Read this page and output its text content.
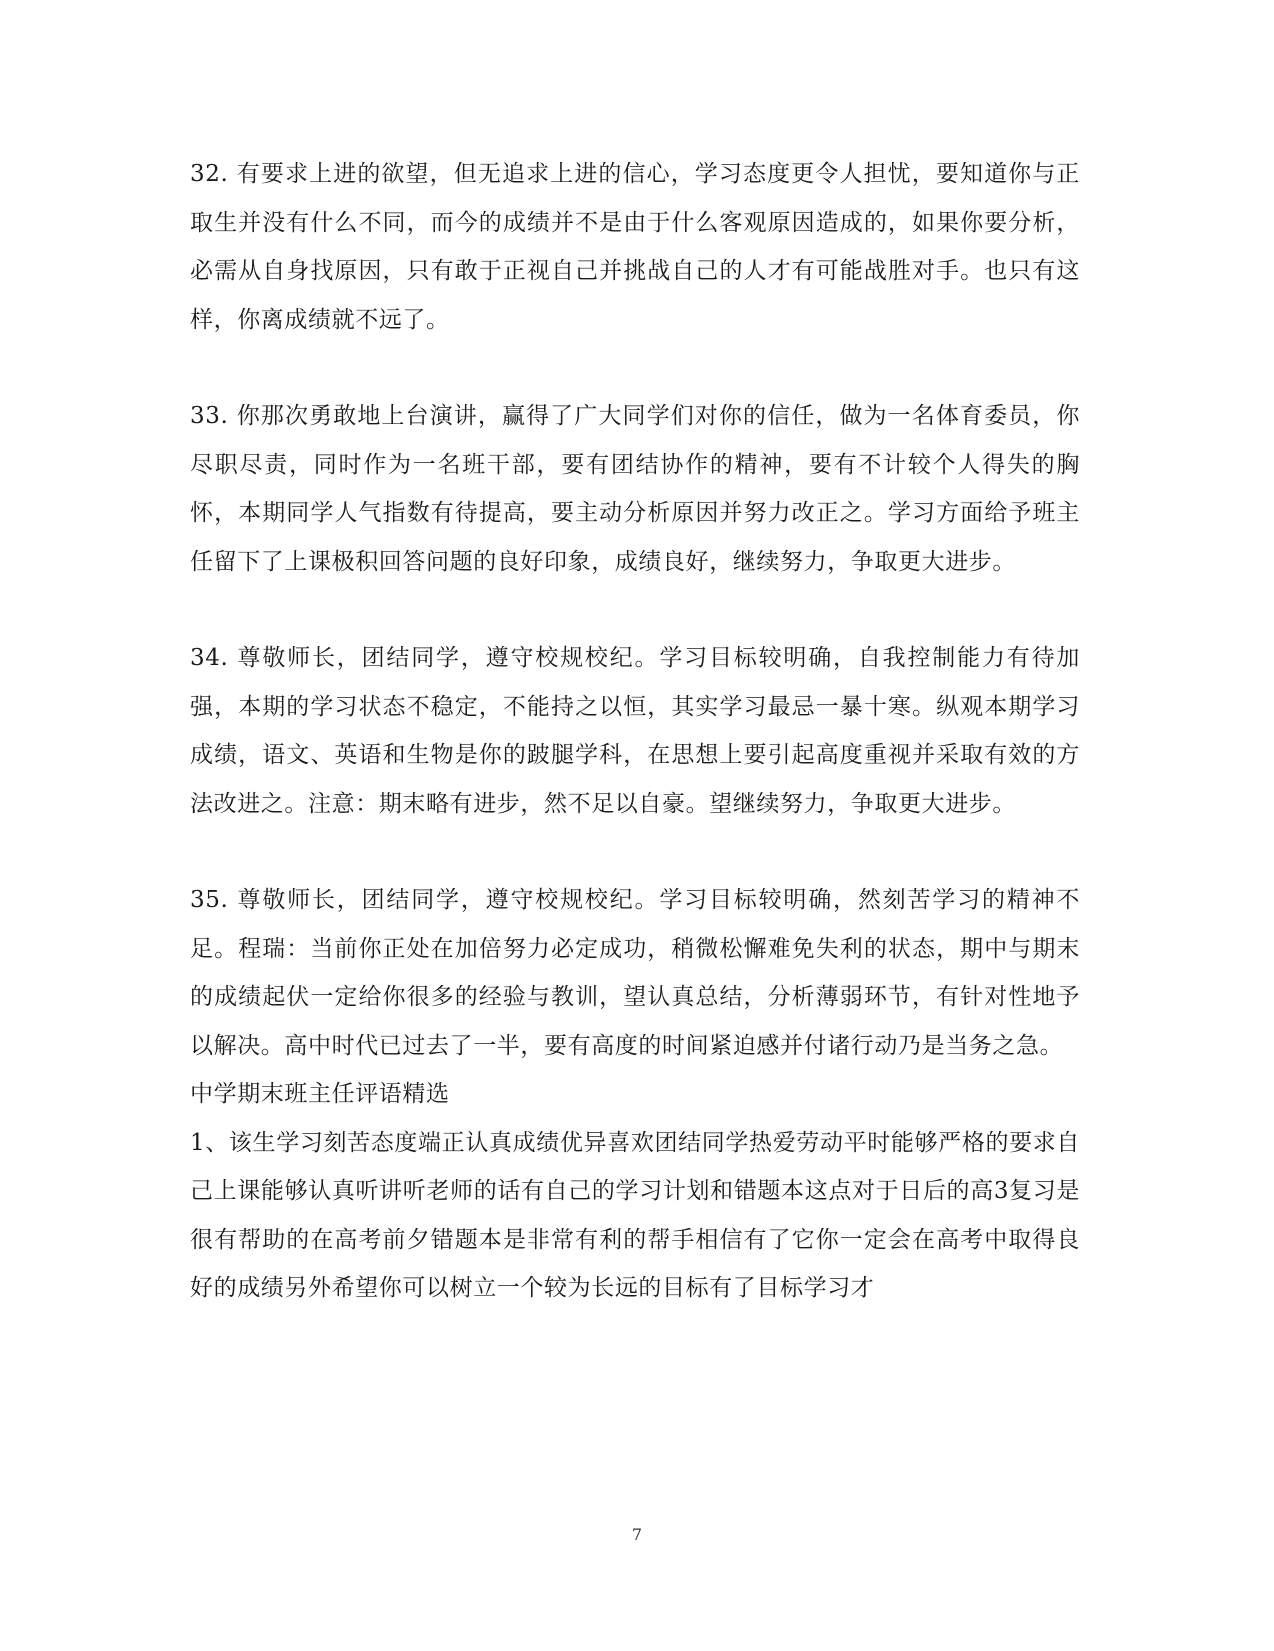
32. 有要求上进的欲望，但无追求上进的信心，学习态度更令人担忧，要知道你与正取生并没有什么不同，而今的成绩并不是由于什么客观原因造成的，如果你要分析，必需从自身找原因，只有敢于正视自己并挑战自己的人才有可能战胜对手。也只有这样，你离成绩就不远了。

33. 你那次勇敢地上台演讲，赢得了广大同学们对你的信任，做为一名体育委员，你尽职尽责，同时作为一名班干部，要有团结协作的精神，要有不计较个人得失的胸怀，本期同学人气指数有待提高，要主动分析原因并努力改正之。学习方面给予班主任留下了上课极积回答问题的良好印象，成绩良好，继续努力，争取更大进步。

34. 尊敬师长，团结同学，遵守校规校纪。学习目标较明确，自我控制能力有待加强，本期的学习状态不稳定，不能持之以恒，其实学习最忌一暴十寒。纵观本期学习成绩，语文、英语和生物是你的跛腿学科，在思想上要引起高度重视并采取有效的方法改进之。注意：期末略有进步，然不足以自豪。望继续努力，争取更大进步。

35. 尊敬师长，团结同学，遵守校规校纪。学习目标较明确，然刻苦学习的精神不足。程瑞：当前你正处在加倍努力必定成功，稍微松懈难免失利的状态，期中与期末的成绩起伏一定给你很多的经验与教训，望认真总结，分析薄弱环节，有针对性地予以解决。高中时代已过去了一半，要有高度的时间紧迫感并付诸行动乃是当务之急。

中学期末班主任评语精选

1、该生学习刻苦态度端正认真成绩优异喜欢团结同学热爱劳动平时能够严格的要求自己上课能够认真听讲听老师的话有自己的学习计划和错题本这点对于日后的高3复习是很有帮助的在高考前夕错题本是非常有利的帮手相信有了它你一定会在高考中取得良好的成绩另外希望你可以树立一个较为长远的目标有了目标学习才

7
